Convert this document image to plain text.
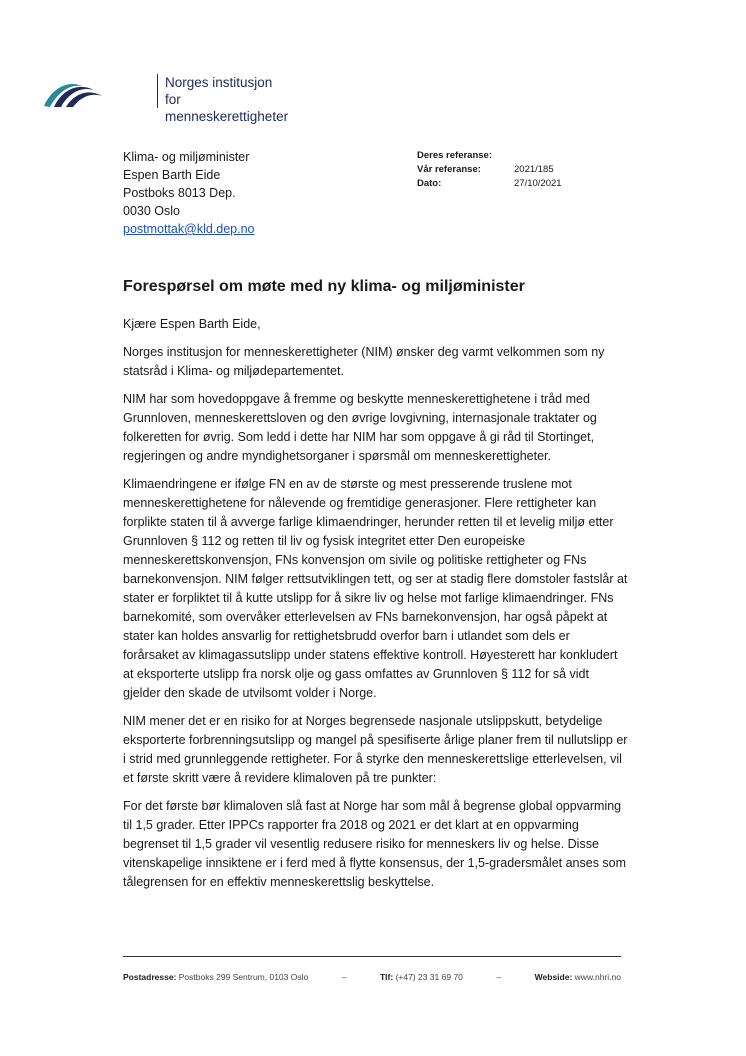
Norges institusjon for
menneskerettigheter
Klima- og miljøminister
Espen Barth Eide
Postboks 8013 Dep.
0030 Oslo
postmottak@kld.dep.no
Deres referanse:
Vår referanse:	2021/185
Dato:	27/10/2021
Forespørsel om møte med ny klima- og miljøminister

Kjære Espen Barth Eide,

Norges institusjon for menneskerettigheter (NIM) ønsker deg varmt velkommen som ny statsråd i Klima- og miljødepartementet.

NIM har som hovedoppgave å fremme og beskytte menneskerettighetene i tråd med Grunnloven, menneskerettsloven og den øvrige lovgivning, internasjonale traktater og folkeretten for øvrig. Som ledd i dette har NIM har som oppgave å gi råd til Stortinget, regjeringen og andre myndighetsorganer i spørsmål om menneskerettigheter.

Klimaendringene er ifølge FN en av de største og mest presserende truslene mot menneskerettighetene for nålevende og fremtidige generasjoner. Flere rettigheter kan forplikte staten til å avverge farlige klimaendringer, herunder retten til et levelig miljø etter Grunnloven § 112 og retten til liv og fysisk integritet etter Den europeiske menneskerettskonvensjon, FNs konvensjon om sivile og politiske rettigheter og FNs barnekonvensjon. NIM følger rettsutviklingen tett, og ser at stadig flere domstoler fastslår at stater er forpliktet til å kutte utslipp for å sikre liv og helse mot farlige klimaendringer. FNs barnekomité, som overvåker etterlevelsen av FNs barnekonvensjon, har også påpekt at stater kan holdes ansvarlig for rettighetsbrudd overfor barn i utlandet som dels er forårsaket av klimagassutslipp under statens effektive kontroll. Høyesterett har konkludert at eksporterte utslipp fra norsk olje og gass omfattes av Grunnloven § 112 for så vidt gjelder den skade de utvilsomt volder i Norge.

NIM mener det er en risiko for at Norges begrensede nasjonale utslippskutt, betydelige eksporterte forbrenningsutslipp og mangel på spesifiserte årlige planer frem til nullutslipp er i strid med grunnleggende rettigheter. For å styrke den menneskerettslige etterlevelsen, vil et første skritt være å revidere klimaloven på tre punkter:

For det første bør klimaloven slå fast at Norge har som mål å begrense global oppvarming til 1,5 grader. Etter IPPCs rapporter fra 2018 og 2021 er det klart at en oppvarming begrenset til 1,5 grader vil vesentlig redusere risiko for menneskers liv og helse. Disse vitenskapelige innsiktene er i ferd med å flytte konsensus, der 1,5-gradersmålet anses som tålegrensen for en effektiv menneskerettslig beskyttelse.

Postadresse: Postboks 299 Sentrum, 0103 Oslo	–	Tlf: (+47) 23 31 69 70	–	Webside: www.nhri.no
